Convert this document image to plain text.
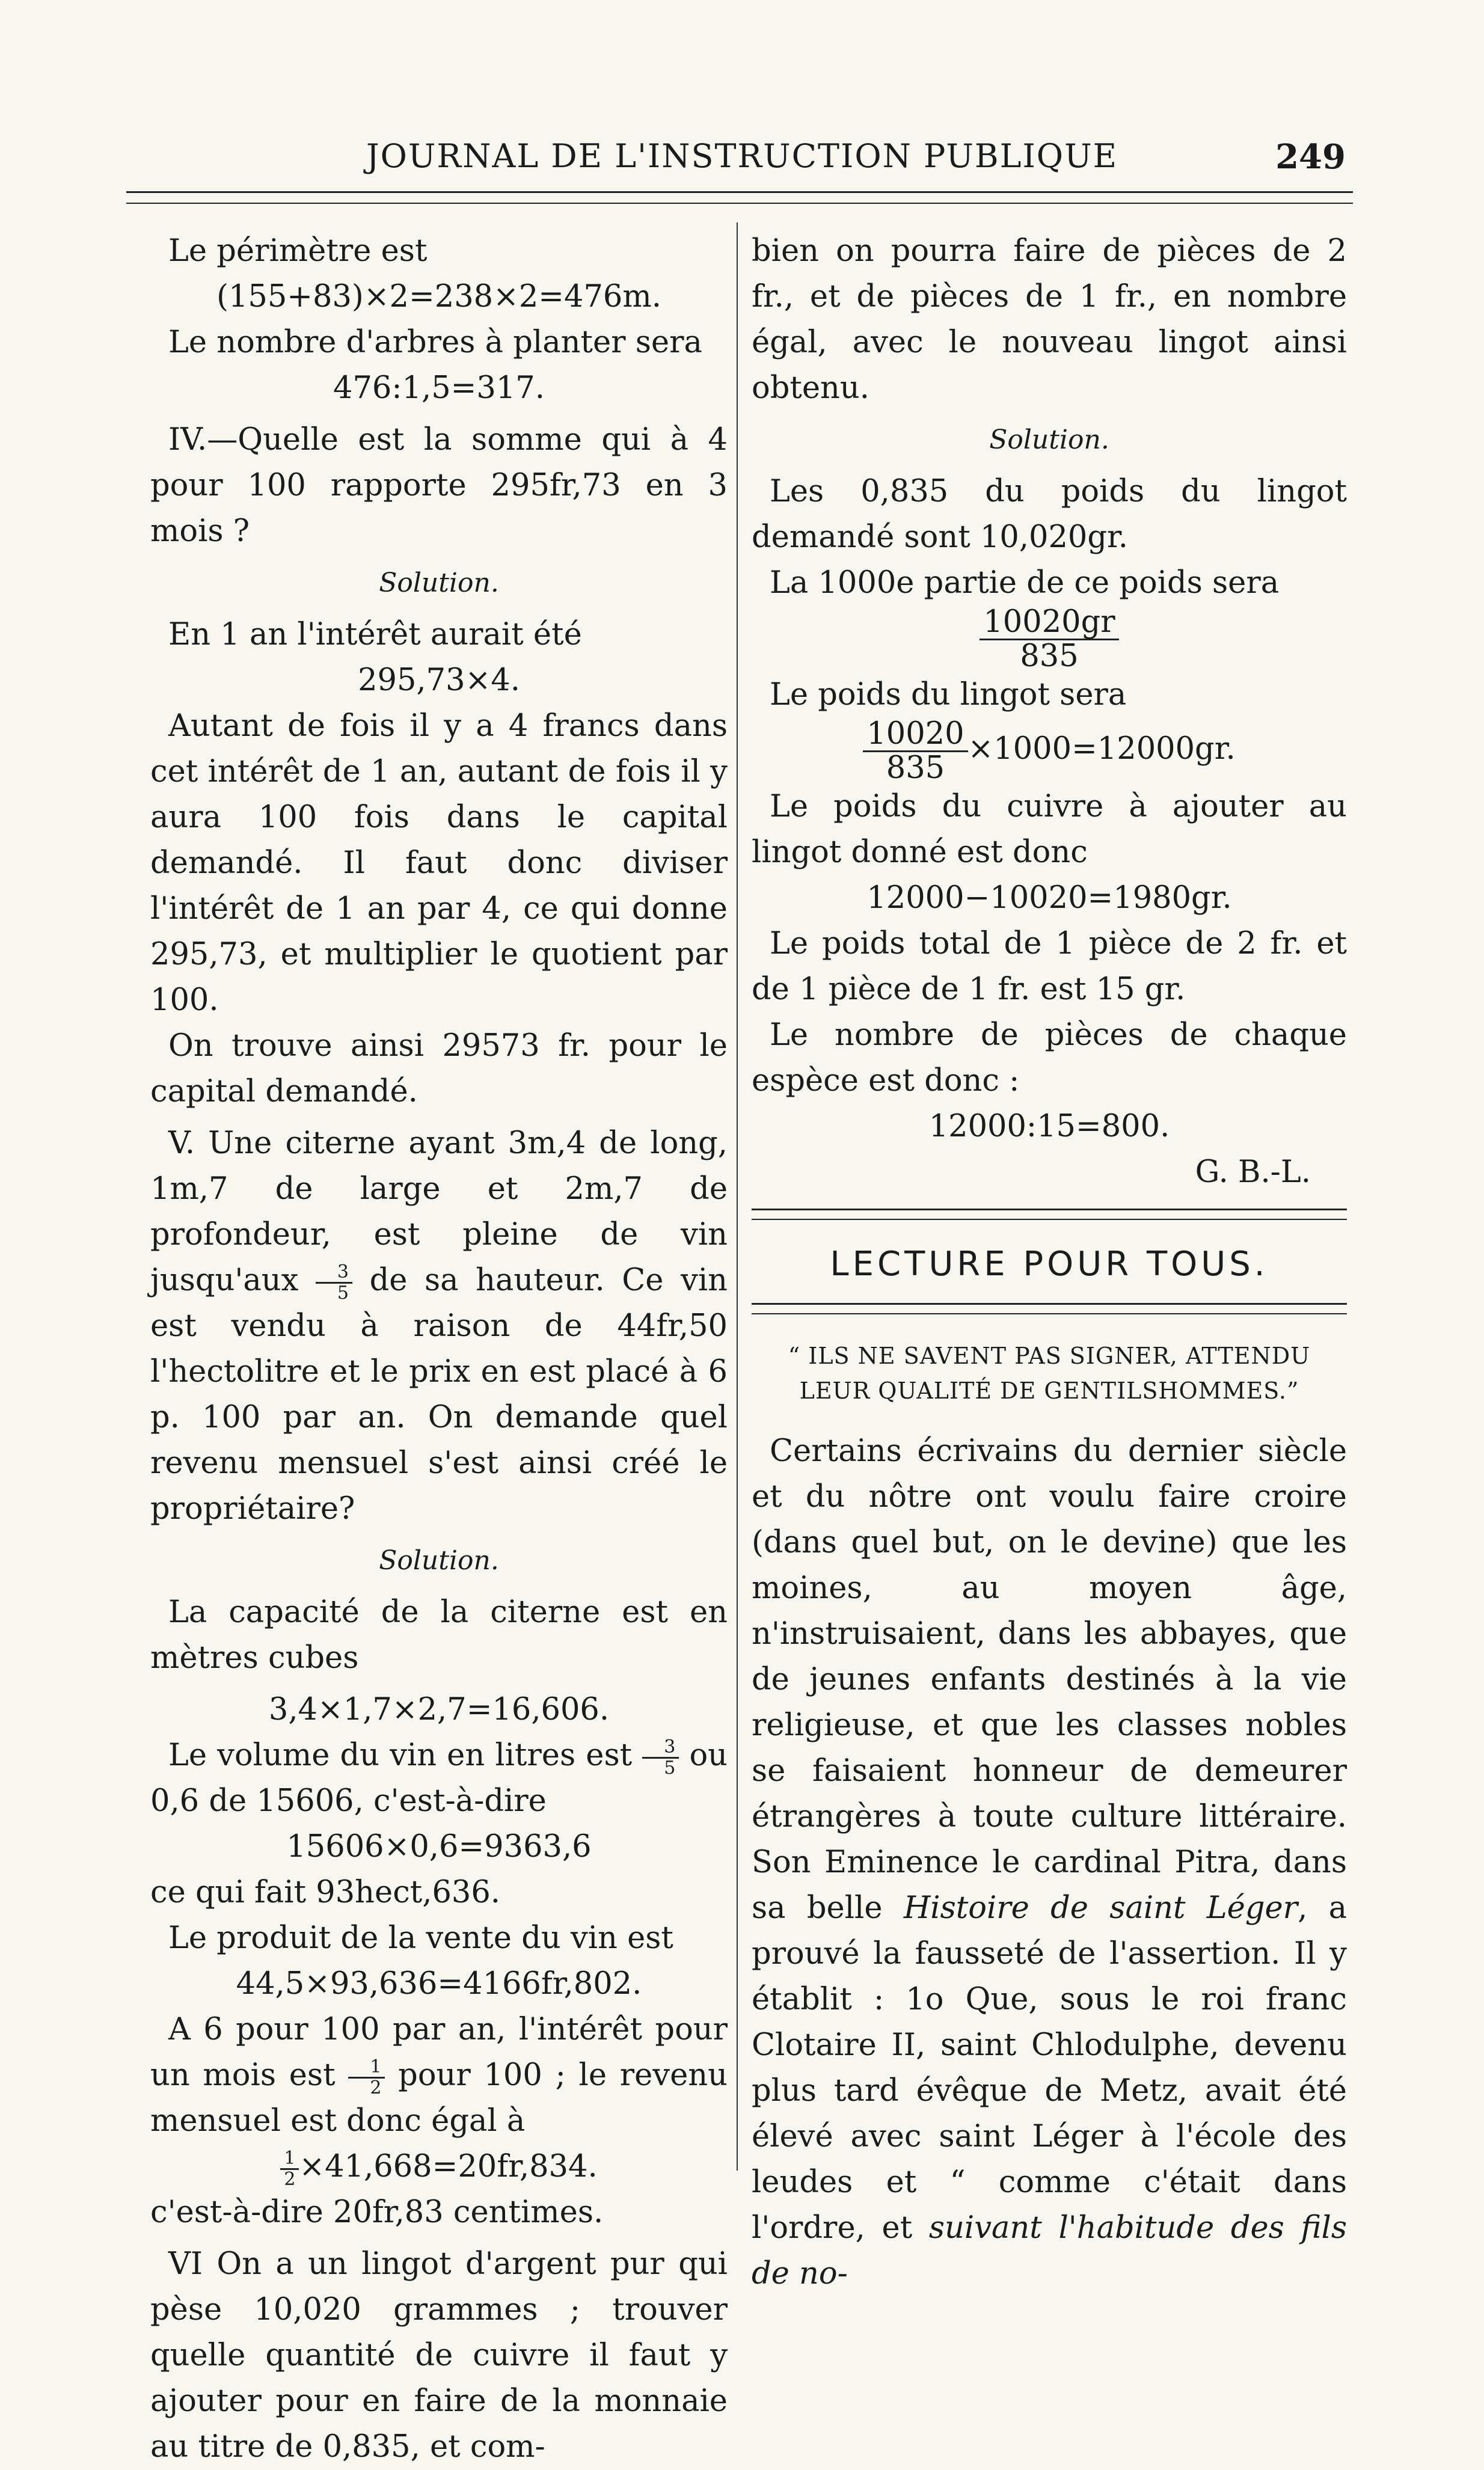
JOURNAL DE L'INSTRUCTION PUBLIQUE	249

Le périmètre est

(155+83)×2=238×2=476m.

Le nombre d'arbres à planter sera

476:1,5=317.

IV.—Quelle est la somme qui à 4 pour 100 rapporte 295fr,73 en 3 mois ?

Solution.

En 1 an l'intérêt aurait été

295,73×4.

Autant de fois il y a 4 francs dans cet intérêt de 1 an, autant de fois il y aura 100 fois dans le capital demandé. Il faut donc diviser l'intérêt de 1 an par 4, ce qui donne 295,73, et multiplier le quotient par 100.

On trouve ainsi 29573 fr. pour le capital demandé.

V. Une citerne ayant 3m,4 de long, 1m,7 de large et 2m,7 de profondeur, est pleine de vin jusqu'aux $\frac{3}{5}$ de sa hauteur. Ce vin est vendu à raison de 44fr,50 l'hectolitre et le prix en est placé à 6 p. 100 par an. On demande quel revenu mensuel s'est ainsi créé le propriétaire?

Solution.

La capacité de la citerne est en mètres cubes

3,4×1,7×2,7=16,606.

Le volume du vin en litres est $\frac{3}{5}$ ou 0,6 de 15606, c'est-à-dire

15606×0,6=9363,6

ce qui fait 93hect,636.

Le produit de la vente du vin est

44,5×93,636=4166fr,802.

A 6 pour 100 par an, l'intérêt pour un mois est $\frac{1}{2}$ pour 100 ; le revenu mensuel est donc égal à

$\frac{1}{2} \times 41,668=20fr,834$.

c'est-à-dire 20fr,83 centimes.

VI On a un lingot d'argent pur qui pèse 10,020 grammes ; trouver quelle quantité de cuivre il faut y ajouter pour en faire de la monnaie au titre de 0,835, et com-

bien on pourra faire de pièces de 2 fr., et de pièces de 1 fr., en nombre égal, avec le nouveau lingot ainsi obtenu.

Solution.

Les 0,835 du poids du lingot demandé sont 10,020gr.

La 1000e partie de ce poids sera

$\frac{10020gr}{835}$

Le poids du lingot sera

$\frac{10020}{835} \times 1000=12000gr$.

Le poids du cuivre à ajouter au lingot donné est donc

12000−10020=1980gr.

Le poids total de 1 pièce de 2 fr. et de 1 pièce de 1 fr. est 15 gr.

Le nombre de pièces de chaque espèce est donc :

12000:15=800.

G. B.-L.

LECTURE POUR TOUS.
“ ILS NE SAVENT PAS SIGNER, ATTENDU LEUR QUALITÉ DE GENTILSHOMMES.”

Certains écrivains du dernier siècle et du nôtre ont voulu faire croire (dans quel but, on le devine) que les moines, au moyen âge, n'instruisaient, dans les abbayes, que de jeunes enfants destinés à la vie religieuse, et que les classes nobles se faisaient honneur de demeurer étrangères à toute culture littéraire. Son Eminence le cardinal Pitra, dans sa belle Histoire de saint Léger, a prouvé la fausseté de l'assertion. Il y établit : 1o Que, sous le roi franc Clotaire II, saint Chlodulphe, devenu plus tard évêque de Metz, avait été élevé avec saint Léger à l'école des leudes et “ comme c'était dans l'ordre, et suivant l'habitude des fils de no-
